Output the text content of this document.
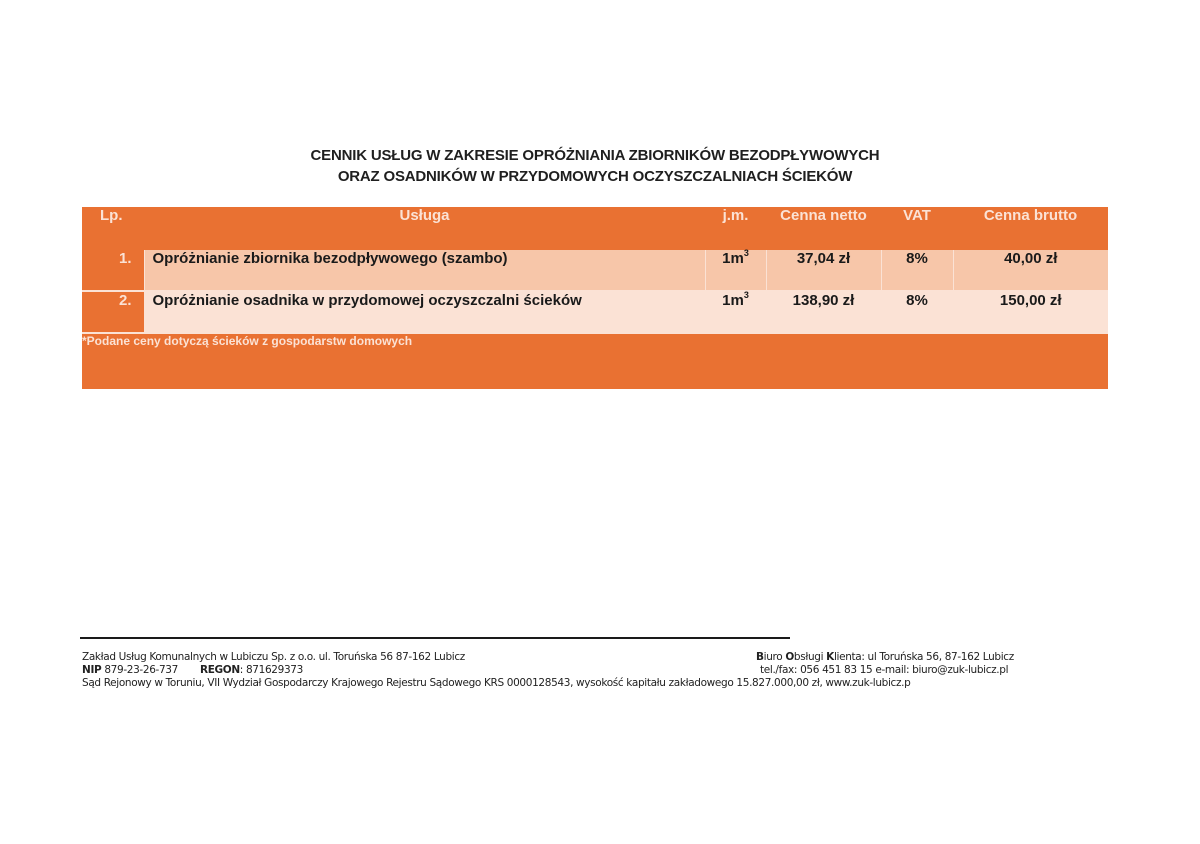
CENNIK USŁUG W ZAKRESIE OPRÓŻNIANIA ZBIORNIKÓW BEZODPŁYWOWYCH
ORAZ OSADNIKÓW W PRZYDOMOWYCH OCZYSZCZALNIACH ŚCIEKÓW
Lp.	Usługa	j.m.	Cenna netto	VAT	Cenna brutto
1.	Opróżnianie zbiornika bezodpływowego (szambo)	$1m^3$	37,04 zł	8%	40,00 zł
2.	Opróżnianie osadnika w przydomowej oczyszczalni ścieków	$1m^3$	138,90 zł	8%	150,00 zł
*Podane ceny dotyczą ścieków z gospodarstw domowych					
Zakład Usług Komunalnych w Lubiczu Sp. z o.o. ul. Toruńska 56 87-162 Lubicz	Biuro Obsługi Klienta: ul Toruńska 56, 87-162 Lubicz
NIP 879-23-26-737 REGON: 871629373	tel./fax: 056 451 83 15 e-mail: biuro@zuk-lubicz.pl
Sąd Rejonowy w Toruniu, VII Wydział Gospodarczy Krajowego Rejestru Sądowego KRS 0000128543, wysokość kapitału zakładowego 15.827.000,00 zł, www.zuk-lubicz.p
